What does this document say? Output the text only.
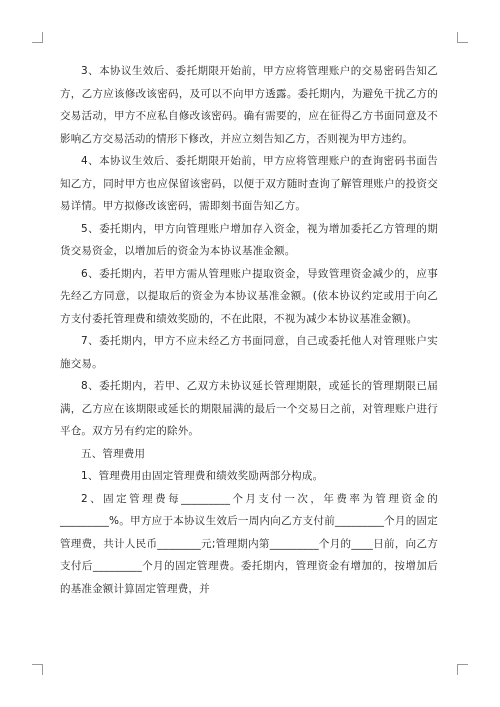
3、本协议生效后、委托期限开始前，甲方应将管理账户的交易密码告知乙方，乙方应该修改该密码，及可以不向甲方透露。委托期内，为避免干扰乙方的交易活动，甲方不应私自修改该密码。确有需要的，应在征得乙方书面同意及不影响乙方交易活动的情形下修改，并应立刻告知乙方，否则视为甲方违约。

4、本协议生效后、委托期限开始前，甲方应将管理账户的查询密码书面告知乙方，同时甲方也应保留该密码，以便于双方随时查询了解管理账户的投资交易详情。甲方拟修改该密码，需即刻书面告知乙方。

5、委托期内，甲方向管理账户增加存入资金，视为增加委托乙方管理的期货交易资金，以增加后的资金为本协议基准金额。

6、委托期内，若甲方需从管理账户提取资金，导致管理资金减少的，应事先经乙方同意，以提取后的资金为本协议基准金额。(依本协议约定或用于向乙方支付委托管理费和绩效奖励的，不在此限，不视为减少本协议基准金额)。

7、委托期内，甲方不应未经乙方书面同意，自己或委托他人对管理账户实施交易。

8、委托期内，若甲、乙双方未协议延长管理期限，或延长的管理期限已届满，乙方应在该期限或延长的期限届满的最后一个交易日之前，对管理账户进行平仓。双方另有约定的除外。

五、管理费用

1、管理费用由固定管理费和绩效奖励两部分构成。

2、固定管理费每_________个月支付一次，年费率为管理资金的_________%。甲方应于本协议生效后一周内向乙方支付前_________个月的固定管理费，共计人民币________元;管理期内第_________个月的____日前，向乙方支付后_________个月的固定管理费。委托期内，管理资金有增加的，按增加后的基准金额计算固定管理费，并
